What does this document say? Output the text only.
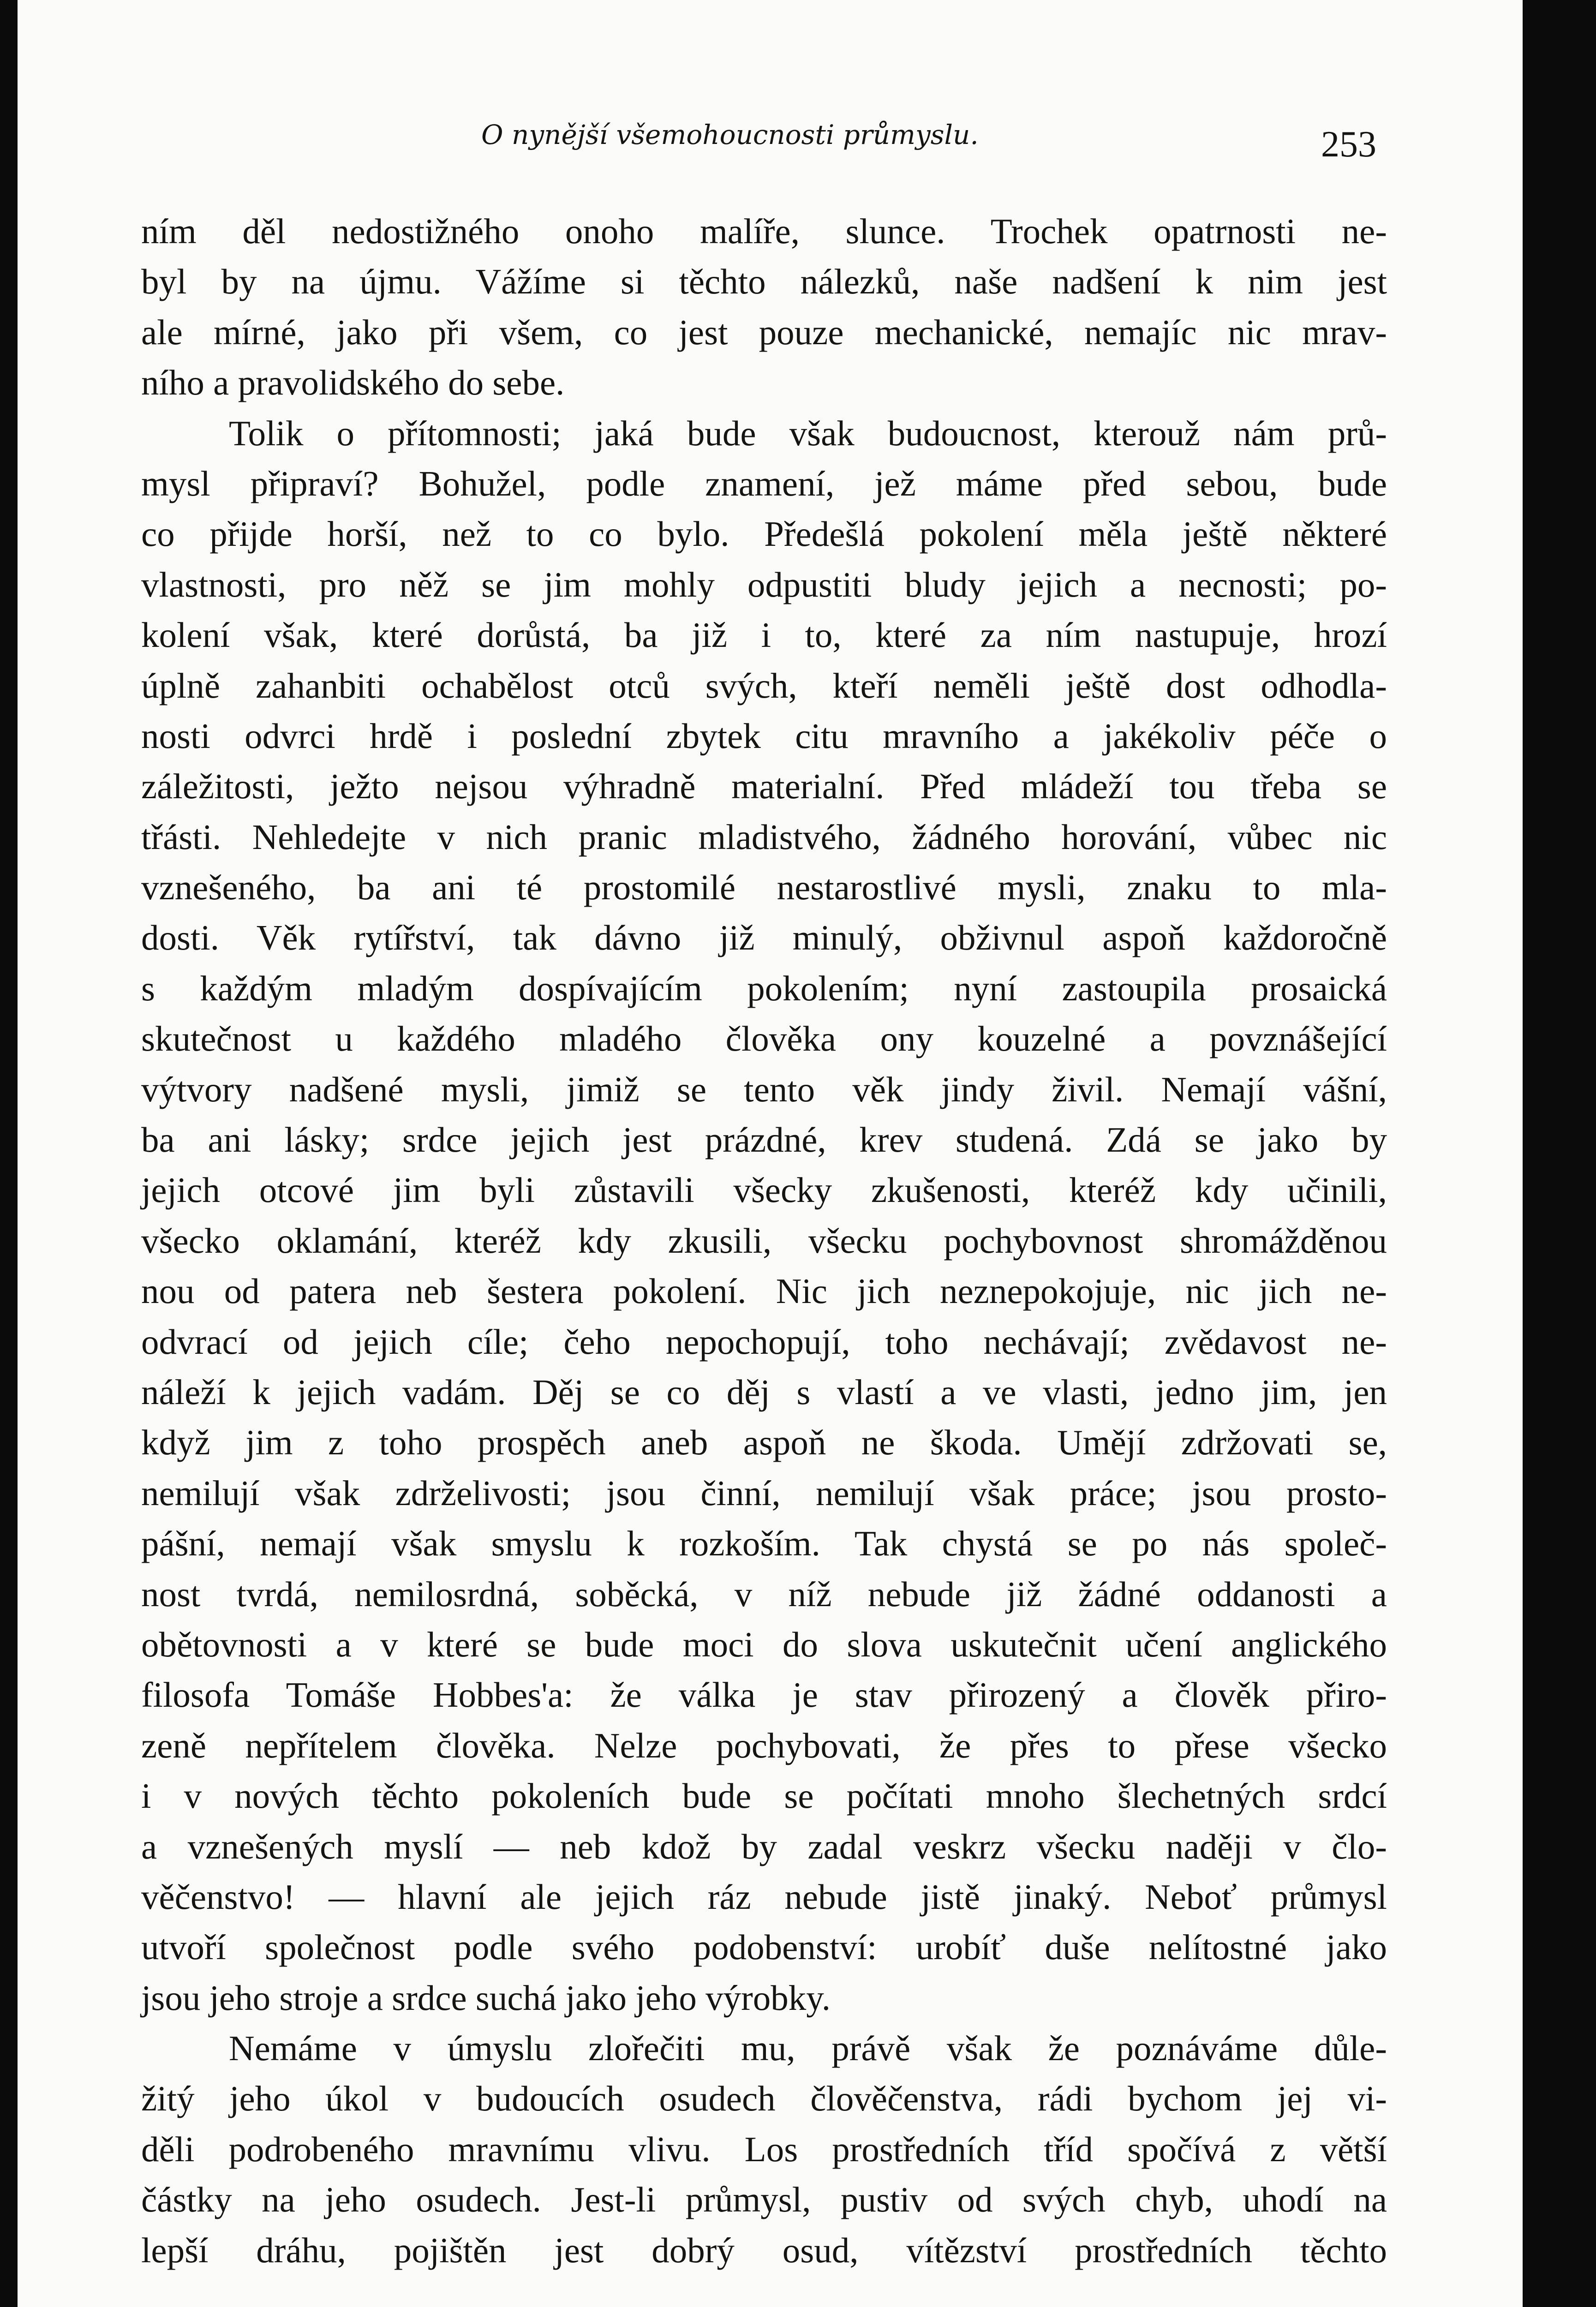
O nynější všemohoucnosti průmyslu.	253
ním děl nedostižného onoho malíře, slunce. Trochek opatrnosti ne-
byl by na újmu. Vážíme si těchto nálezků, naše nadšení k nim jest
ale mírné, jako při všem, co jest pouze mechanické, nemajíc nic mrav-
ního a pravolidského do sebe.
Tolik o přítomnosti; jaká bude však budoucnost, kterouž nám prů-
mysl připraví? Bohužel, podle znamení, jež máme před sebou, bude
co přijde horší, než to co bylo. Předešlá pokolení měla ještě některé
vlastnosti, pro něž se jim mohly odpustiti bludy jejich a necnosti; po-
kolení však, které dorůstá, ba již i to, které za ním nastupuje, hrozí
úplně zahanbiti ochabělost otců svých, kteří neměli ještě dost odhodla-
nosti odvrci hrdě i poslední zbytek citu mravního a jakékoliv péče o
záležitosti, ježto nejsou výhradně materialní. Před mládeží tou třeba se
třásti. Nehledejte v nich pranic mladistvého, žádného horování, vůbec nic
vznešeného, ba ani té prostomilé nestarostlivé mysli, znaku to mla-
dosti. Věk rytířství, tak dávno již minulý, obživnul aspoň každoročně
s každým mladým dospívajícím pokolením; nyní zastoupila prosaická
skutečnost u každého mladého člověka ony kouzelné a povznášející
výtvory nadšené mysli, jimiž se tento věk jindy živil. Nemají vášní,
ba ani lásky; srdce jejich jest prázdné, krev studená. Zdá se jako by
jejich otcové jim byli zůstavili všecky zkušenosti, kteréž kdy učinili,
všecko oklamání, kteréž kdy zkusili, všecku pochybovnost shromážděnou
nou od patera neb šestera pokolení. Nic jich neznepokojuje, nic jich ne-
odvrací od jejich cíle; čeho nepochopují, toho nechávají; zvědavost ne-
náleží k jejich vadám. Děj se co děj s vlastí a ve vlasti, jedno jim, jen
když jim z toho prospěch aneb aspoň ne škoda. Umějí zdržovati se,
nemilují však zdrželivosti; jsou činní, nemilují však práce; jsou prosto-
pášní, nemají však smyslu k rozkoším. Tak chystá se po nás společ-
nost tvrdá, nemilosrdná, soběcká, v níž nebude již žádné oddanosti a
obětovnosti a v které se bude moci do slova uskutečnit učení anglického
filosofa Tomáše Hobbes'a: že válka je stav přirozený a člověk přiro-
zeně nepřítelem člověka. Nelze pochybovati, že přes to přese všecko
i v nových těchto pokoleních bude se počítati mnoho šlechetných srdcí
a vznešených myslí — neb kdož by zadal veskrz všecku naději v člo-
věčenstvo! — hlavní ale jejich ráz nebude jistě jinaký. Neboť průmysl
utvoří společnost podle svého podobenství: urobíť duše nelítostné jako
jsou jeho stroje a srdce suchá jako jeho výrobky.
Nemáme v úmyslu zlořečiti mu, právě však že poznáváme důle-
žitý jeho úkol v budoucích osudech člověčenstva, rádi bychom jej vi-
děli podrobeného mravnímu vlivu. Los prostředních tříd spočívá z větší
částky na jeho osudech. Jest-li průmysl, pustiv od svých chyb, uhodí na
lepší dráhu, pojištěn jest dobrý osud, vítězství prostředních těchto
